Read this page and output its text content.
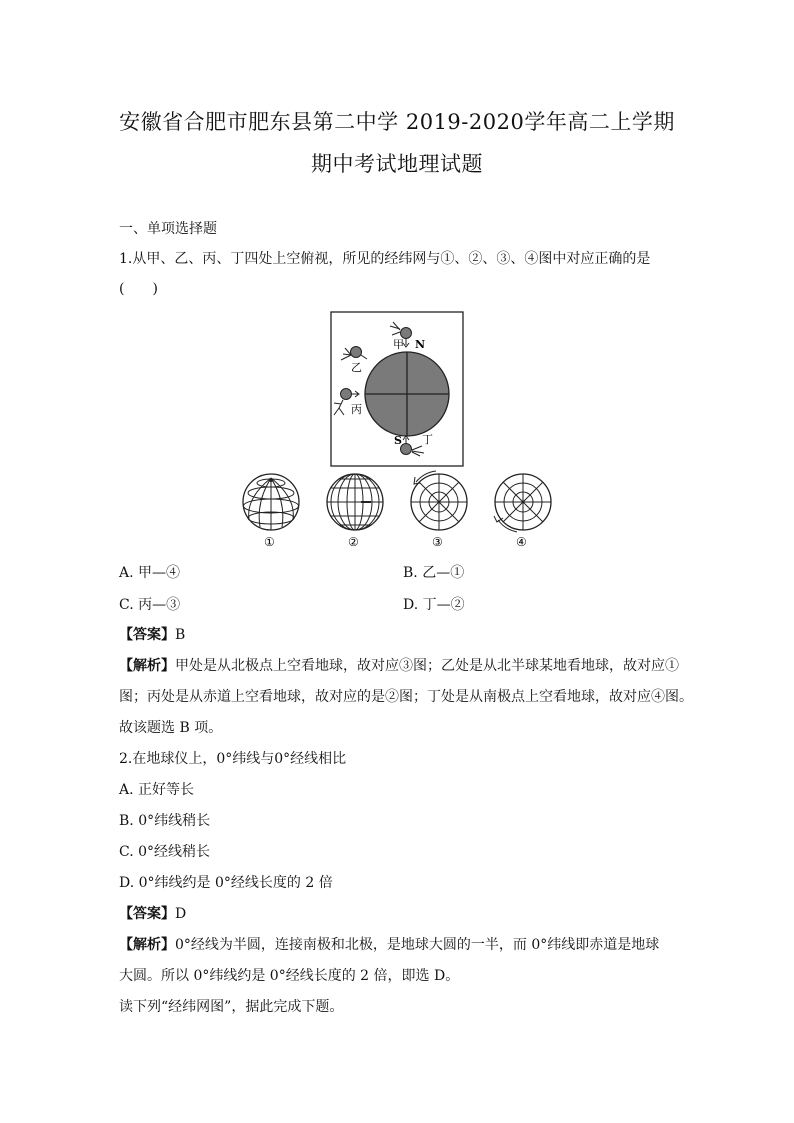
安徽省合肥市肥东县第二中学 2019-2020学年高二上学期
期中考试地理试题
一、单项选择题
1.从甲、乙、丙、丁四处上空俯视，所见的经纬网与①、②、③、④图中对应正确的是
(　　)
甲 N
乙
丙
S 丁
①	②	③	④
A. 甲—④	B. 乙—①
C. 丙—③	D. 丁—②
【答案】B
【解析】甲处是从北极点上空看地球，故对应③图；乙处是从北半球某地看地球，故对应①
图；丙处是从赤道上空看地球，故对应的是②图；丁处是从南极点上空看地球，故对应④图。
故该题选 B 项。
2.在地球仪上，0°纬线与0°经线相比
A. 正好等长
B. 0°纬线稍长
C. 0°经线稍长
D. 0°纬线约是 0°经线长度的 2 倍
【答案】D
【解析】0°经线为半圆，连接南极和北极，是地球大圆的一半，而 0°纬线即赤道是地球
大圆。所以 0°纬线约是 0°经线长度的 2 倍，即选 D。
读下列“经纬网图”，据此完成下题。
